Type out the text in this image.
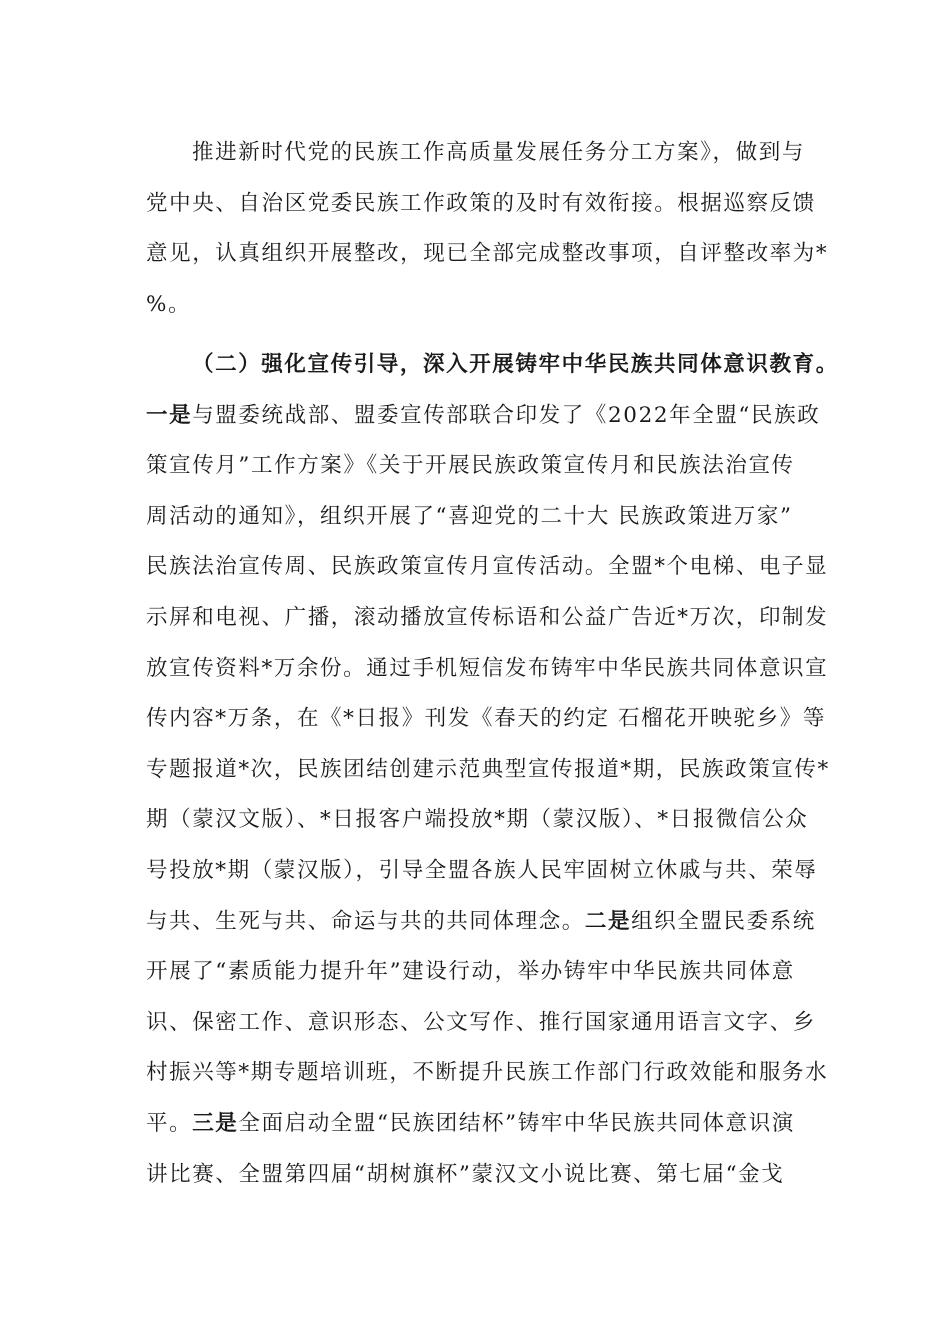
推进新时代党的民族工作高质量发展任务分工方案》，做到与
党中央、自治区党委民族工作政策的及时有效衔接。根据巡察反馈
意见，认真组织开展整改，现已全部完成整改事项，自评整改率为*
%。
（二）强化宣传引导，深入开展铸牢中华民族共同体意识教育。
一是与盟委统战部、盟委宣传部联合印发了《2022年全盟“民族政
策宣传月”工作方案》《关于开展民族政策宣传月和民族法治宣传
周活动的通知》，组织开展了“喜迎党的二十大 民族政策进万家”
民族法治宣传周、民族政策宣传月宣传活动。全盟*个电梯、电子显
示屏和电视、广播，滚动播放宣传标语和公益广告近*万次，印制发
放宣传资料*万余份。通过手机短信发布铸牢中华民族共同体意识宣
传内容*万条，在《*日报》刊发《春天的约定 石榴花开映驼乡》等
专题报道*次，民族团结创建示范典型宣传报道*期，民族政策宣传*
期（蒙汉文版）、*日报客户端投放*期（蒙汉版）、*日报微信公众
号投放*期（蒙汉版），引导全盟各族人民牢固树立休戚与共、荣辱
与共、生死与共、命运与共的共同体理念。二是组织全盟民委系统
开展了“素质能力提升年”建设行动，举办铸牢中华民族共同体意
识、保密工作、意识形态、公文写作、推行国家通用语言文字、乡
村振兴等*期专题培训班，不断提升民族工作部门行政效能和服务水
平。三是全面启动全盟“民族团结杯”铸牢中华民族共同体意识演
讲比赛、全盟第四届“胡树旗杯”蒙汉文小说比赛、第七届“金戈
